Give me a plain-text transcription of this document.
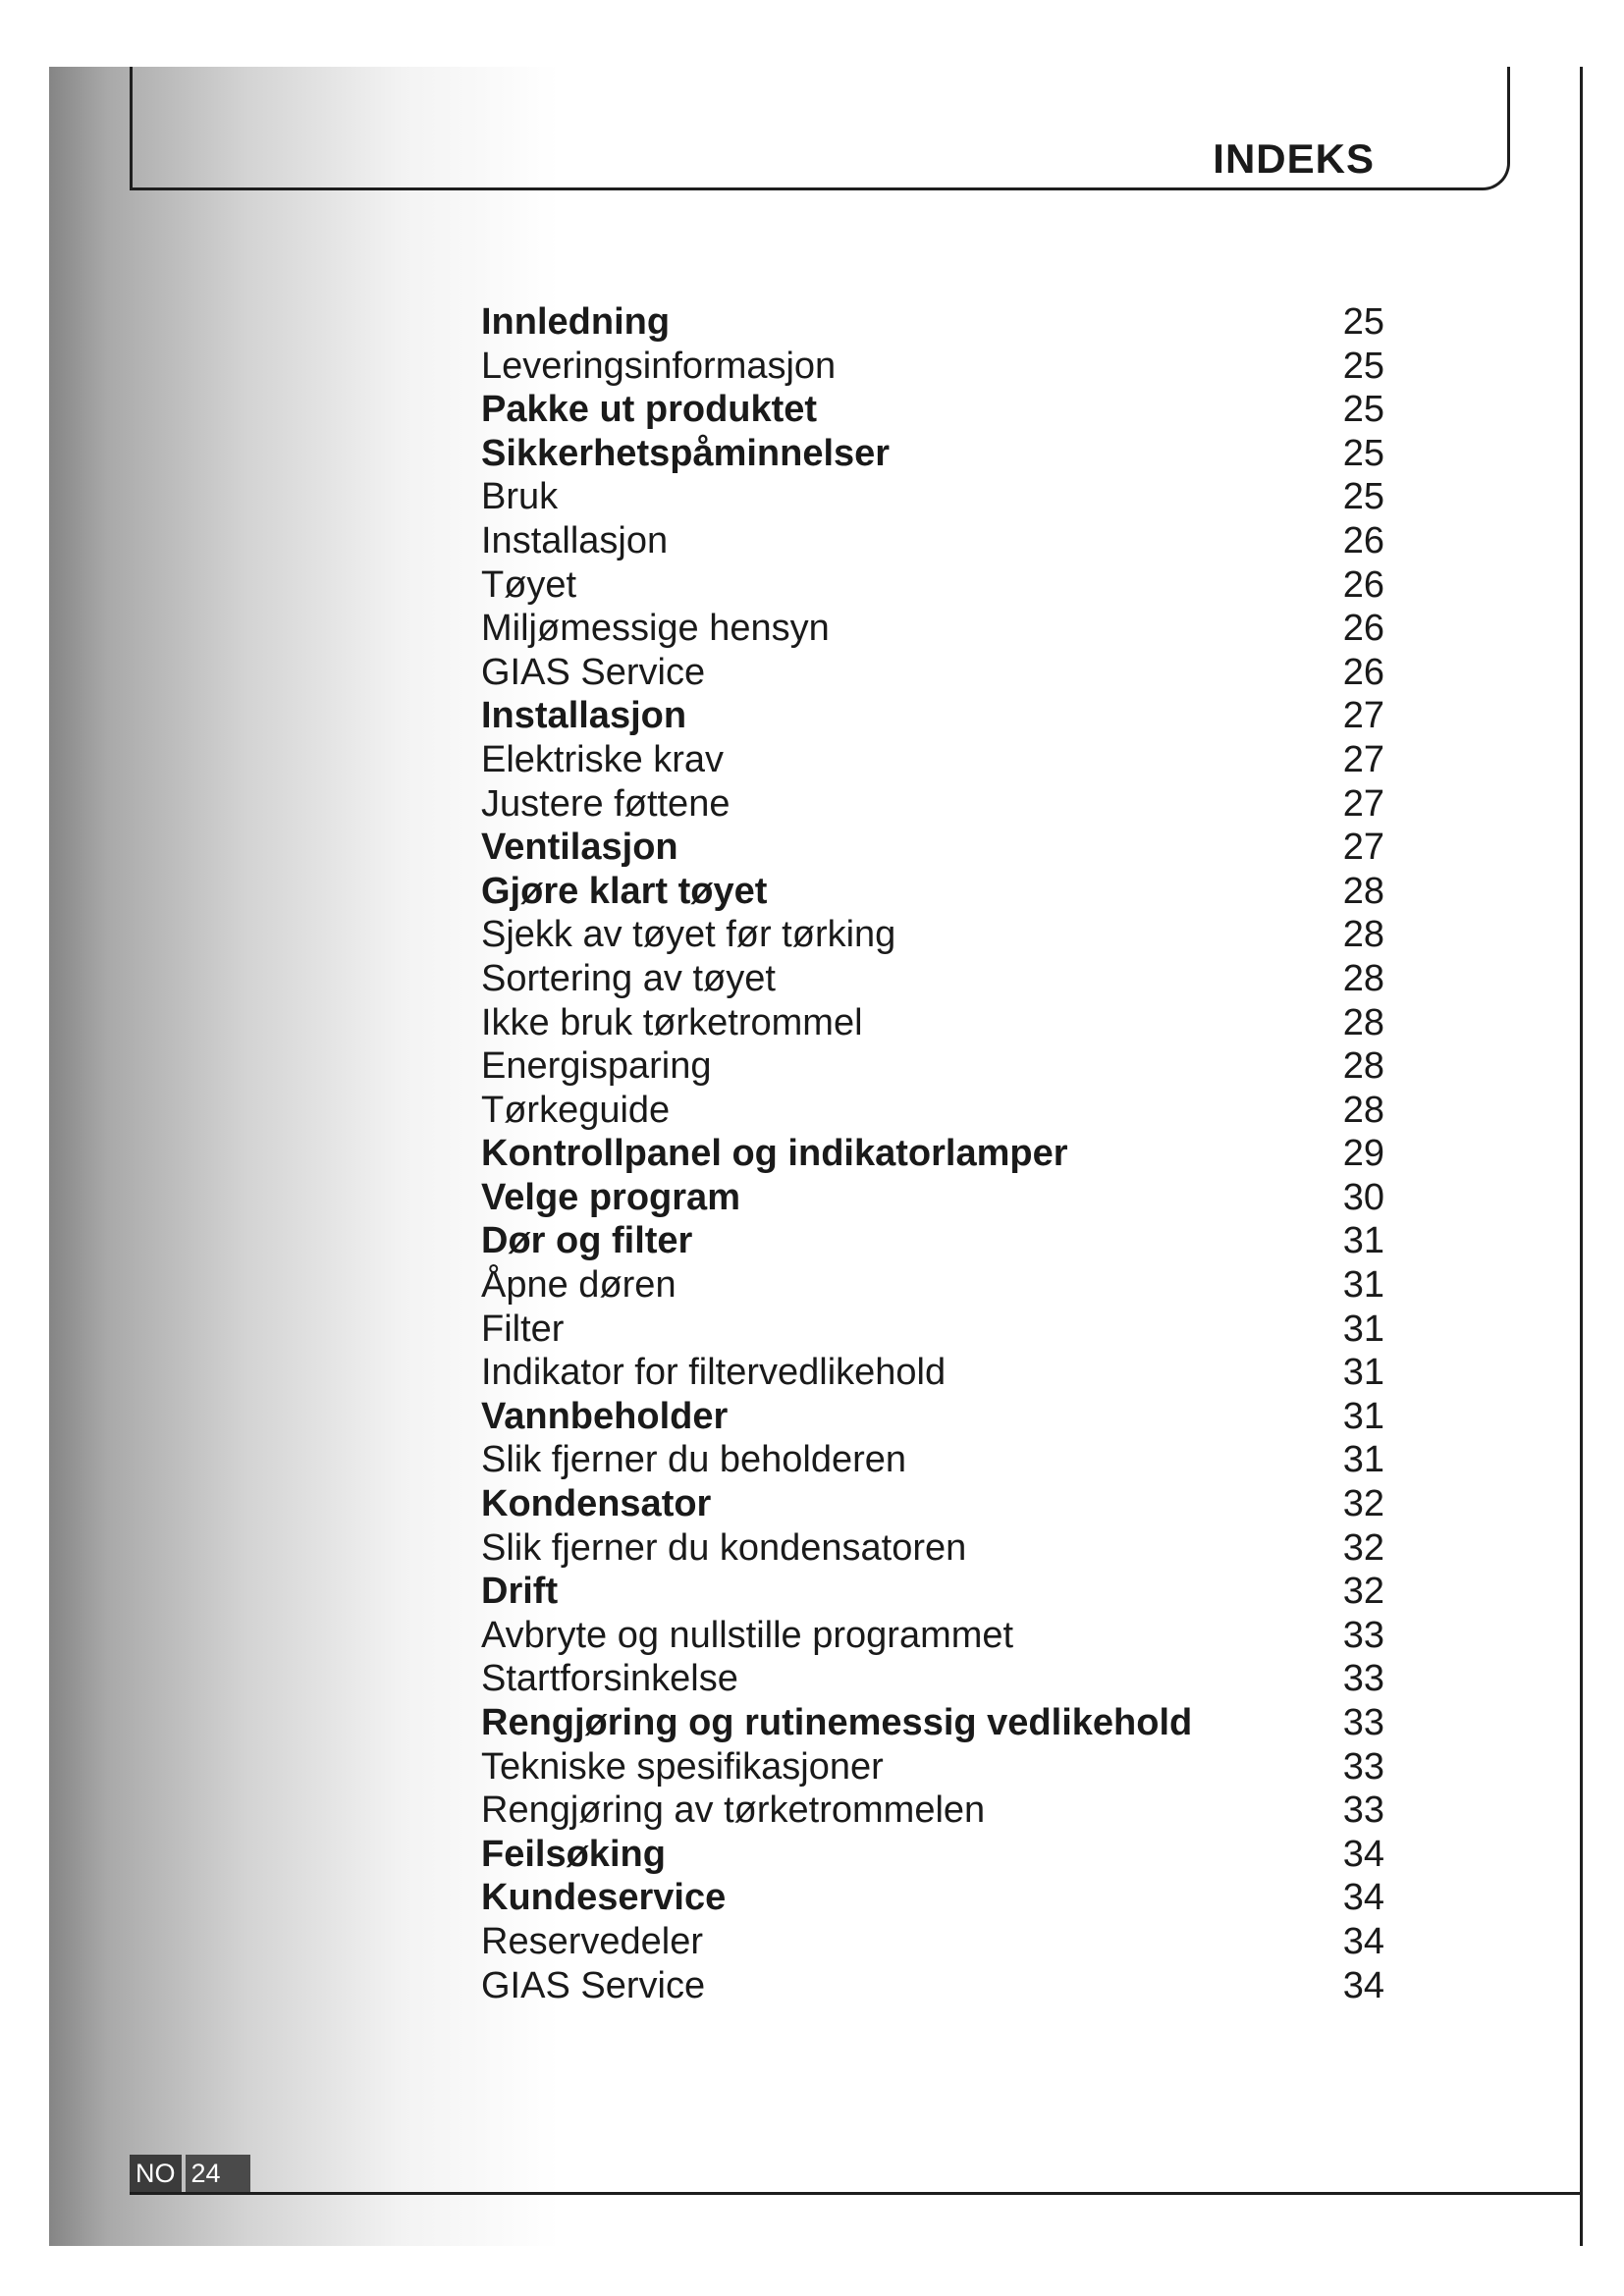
INDEKS
Innledning	25
Leveringsinformasjon	25
Pakke ut produktet	25
Sikkerhetspåminnelser	25
Bruk	25
Installasjon	26
Tøyet	26
Miljømessige hensyn	26
GIAS Service	26
Installasjon	27
Elektriske krav	27
Justere føttene	27
Ventilasjon	27
Gjøre klart tøyet	28
Sjekk av tøyet før tørking	28
Sortering av tøyet	28
Ikke bruk tørketrommel	28
Energisparing	28
Tørkeguide	28
Kontrollpanel og indikatorlamper	29
Velge program	30
Dør og filter	31
Åpne døren	31
Filter	31
Indikator for filtervedlikehold	31
Vannbeholder	31
Slik fjerner du beholderen	31
Kondensator	32
Slik fjerner du kondensatoren	32
Drift	32
Avbryte og nullstille programmet	33
Startforsinkelse	33
Rengjøring og rutinemessig vedlikehold	33
Tekniske spesifikasjoner	33
Rengjøring av tørketrommelen	33
Feilsøking	34
Kundeservice	34
Reservedeler	34
GIAS Service	34
NO 24
